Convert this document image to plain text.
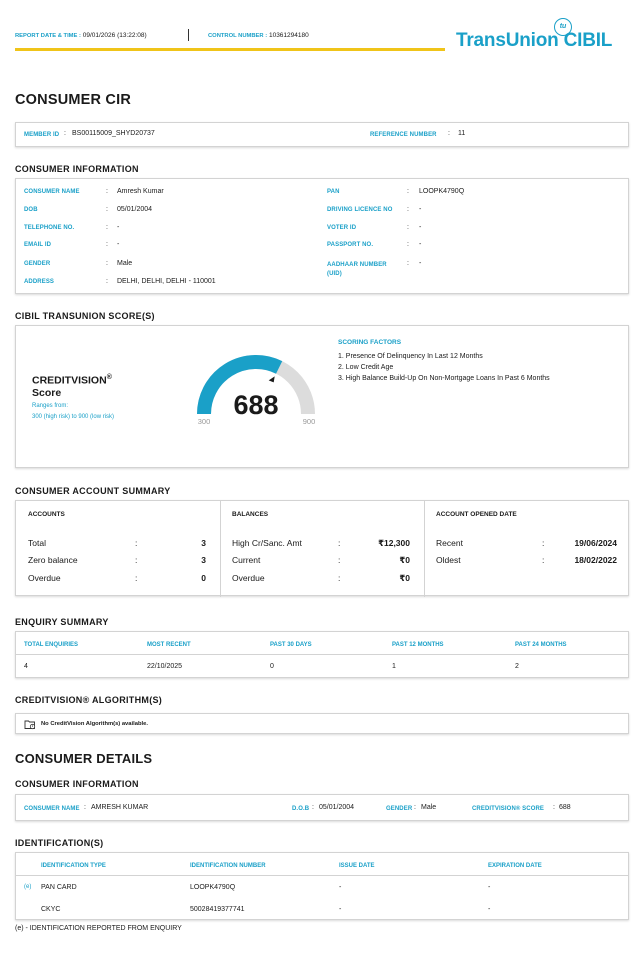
REPORT DATE & TIME : 09/01/2026 (13:22:08)	CONTROL NUMBER : 10361294180
tu
TransUnion CIBIL
CONSUMER CIR
MEMBER ID : BS00115009_SHYD20737	REFERENCE NUMBER : 11
CONSUMER INFORMATION
CONSUMER NAME	: Amresh Kumar
DOB	: 05/01/2004
TELEPHONE NO.	: -
EMAIL ID	: -
GENDER	: Male
ADDRESS	: DELHI, DELHI, DELHI - 110001
PAN	: LOOPK4790Q
DRIVING LICENCE NO : -
VOTER ID	: -
PASSPORT NO.	: -
AADHAAR NUMBER (UID)
: -
CIBIL TRANSUNION SCORE(S)
CREDITVISION®
Score
Ranges from:
300 (high risk) to 900 (low risk)
SCORING FACTORS
1. Presence Of Delinquency In Last 12 Months
2. Low Credit Age
3. High Balance Build-Up On Non-Mortgage Loans In Past 6 Months
688
300	900
CONSUMER ACCOUNT SUMMARY
ACCOUNTS
Total	:	3
Zero balance	:	3
Overdue	:	0
BALANCES
High Cr/Sanc. Amt	:	₹12,300
Current	:	₹0
Overdue	:	₹0
ACCOUNT OPENED DATE
Recent	:	19/06/2024
Oldest	:	18/02/2022
ENQUIRY SUMMARY
TOTAL ENQUIRIES	MOST RECENT	PAST 30 DAYS	PAST 12 MONTHS	PAST 24 MONTHS
4	22/10/2025	0	1	2
CREDITVISION® ALGORITHM(S)
No CreditVision Algorithm(s) available.
CONSUMER DETAILS
CONSUMER INFORMATION
CONSUMER NAME : AMRESH KUMAR	D.O.B : 05/01/2004	GENDER : Male	CREDITVISION® SCORE : 688
IDENTIFICATION(S)
IDENTIFICATION TYPE	IDENTIFICATION NUMBER	ISSUE DATE	EXPIRATION DATE
(e) PAN CARD	LOOPK4790Q	-	-
CKYC	50028419377741	-	-
(e) - IDENTIFICATION REPORTED FROM ENQUIRY
